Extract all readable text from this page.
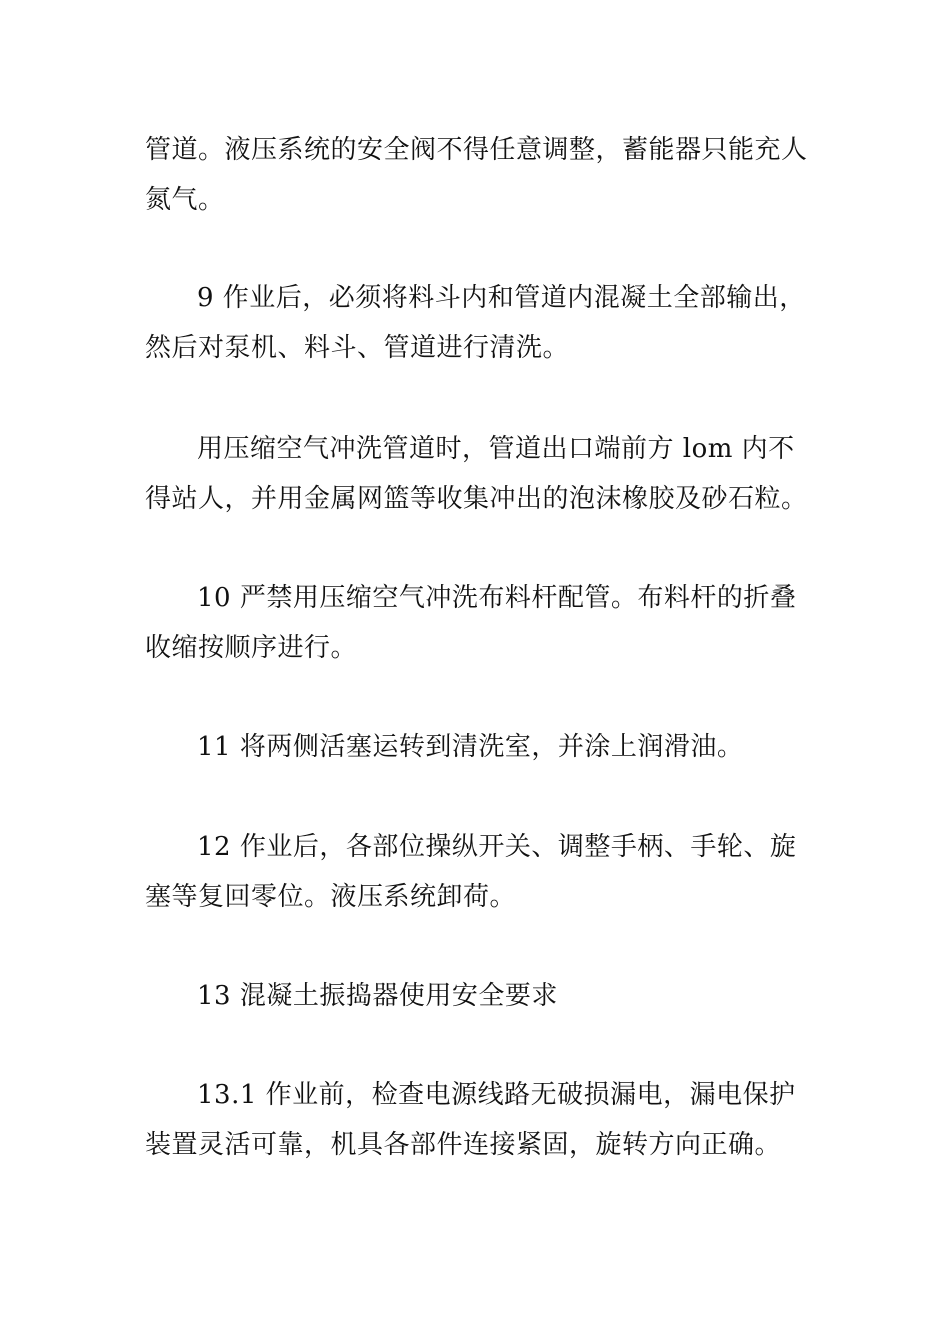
管道。液压系统的安全阀不得任意调整，蓄能器只能充人氮气。

9 作业后，必须将料斗内和管道内混凝土全部输出，然后对泵机、料斗、管道进行清洗。

用压缩空气冲洗管道时，管道出口端前方 lom 内不得站人，并用金属网篮等收集冲出的泡沫橡胶及砂石粒。

10 严禁用压缩空气冲洗布料杆配管。布料杆的折叠收缩按顺序进行。

11 将两侧活塞运转到清洗室，并涂上润滑油。

12 作业后，各部位操纵开关、调整手柄、手轮、旋塞等复回零位。液压系统卸荷。

13 混凝土振捣器使用安全要求

13.1 作业前，检查电源线路无破损漏电，漏电保护装置灵活可靠，机具各部件连接紧固，旋转方向正确。
